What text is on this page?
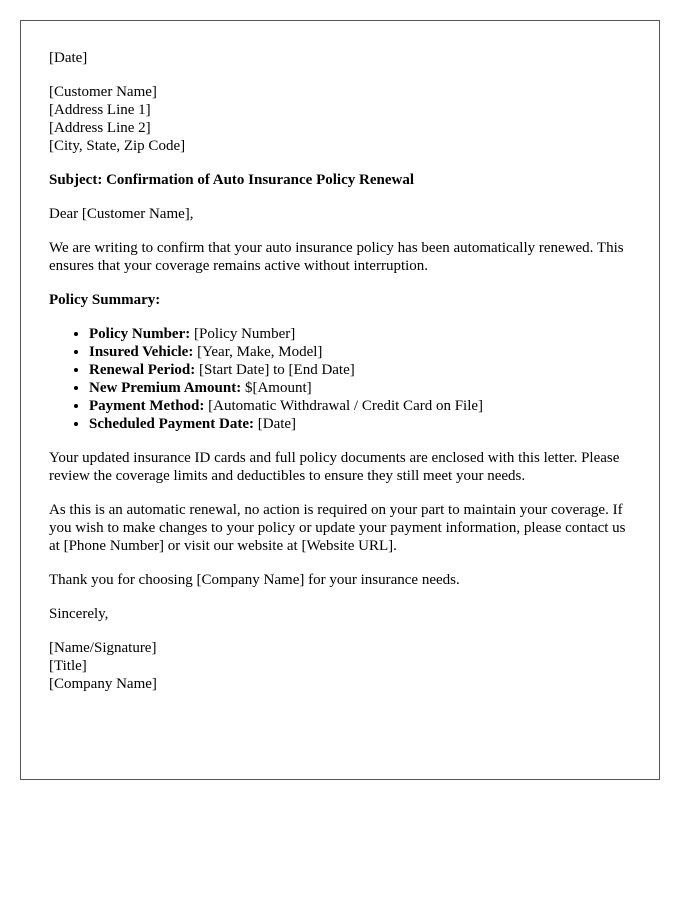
[Date]

[Customer Name]
[Address Line 1]
[Address Line 2]
[City, State, Zip Code]

Subject: Confirmation of Auto Insurance Policy Renewal

Dear [Customer Name],

We are writing to confirm that your auto insurance policy has been automatically renewed. This ensures that your coverage remains active without interruption.

Policy Summary:

• Policy Number: [Policy Number]
• Insured Vehicle: [Year, Make, Model]
• Renewal Period: [Start Date] to [End Date]
• New Premium Amount: $[Amount]
• Payment Method: [Automatic Withdrawal / Credit Card on File]
• Scheduled Payment Date: [Date]

Your updated insurance ID cards and full policy documents are enclosed with this letter. Please review the coverage limits and deductibles to ensure they still meet your needs.

As this is an automatic renewal, no action is required on your part to maintain your coverage. If you wish to make changes to your policy or update your payment information, please contact us at [Phone Number] or visit our website at [Website URL].

Thank you for choosing [Company Name] for your insurance needs.

Sincerely,

[Name/Signature]
[Title]
[Company Name]
